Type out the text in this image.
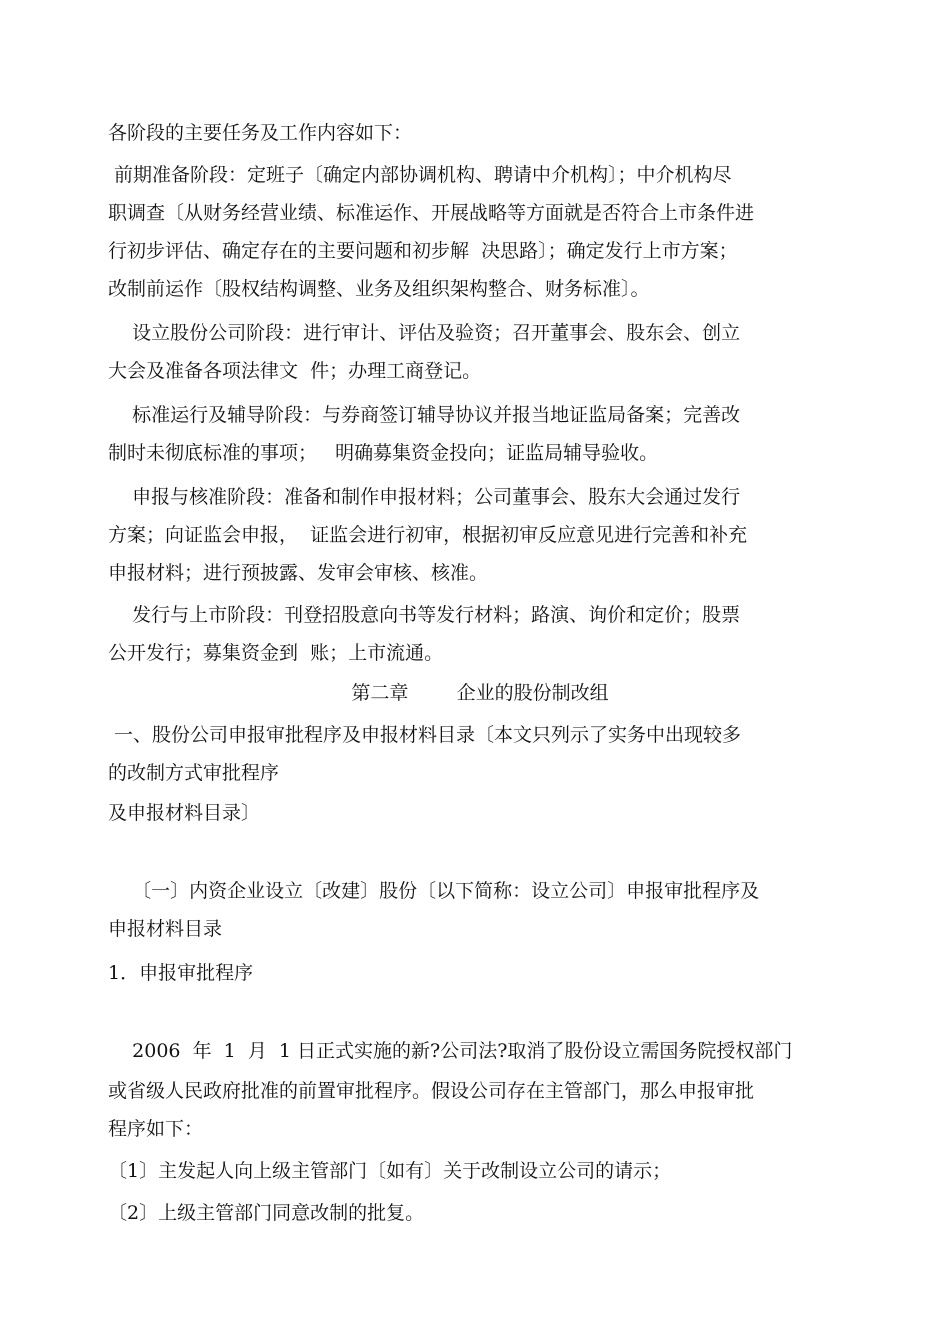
各阶段的主要任务及工作内容如下：
前期准备阶段：定班子〔确定内部协调机构、聘请中介机构〕；中介机构尽
职调查〔从财务经营业绩、标准运作、开展战略等方面就是否符合上市条件进
行初步评估、确定存在的主要问题和初步解  决思路〕；确定发行上市方案；
改制前运作〔股权结构调整、业务及组织架构整合、财务标准〕。
设立股份公司阶段：进行审计、评估及验资；召开董事会、股东会、创立
大会及准备各项法律文  件；办理工商登记。
标准运行及辅导阶段：与券商签订辅导协议并报当地证监局备案；完善改
制时未彻底标准的事项；   明确募集资金投向；证监局辅导验收。
申报与核准阶段：准备和制作申报材料；公司董事会、股东大会通过发行
方案；向证监会申报，  证监会进行初审，根据初审反应意见进行完善和补充
申报材料；进行预披露、发审会审核、核准。
发行与上市阶段：刊登招股意向书等发行材料；路演、询价和定价；股票
公开发行；募集资金到  账；上市流通。
第二章        企业的股份制改组
一、股份公司申报审批程序及申报材料目录〔本文只列示了实务中出现较多
的改制方式审批程序
及申报材料目录〕
〔一〕内资企业设立〔改建〕股份〔以下简称：设立公司〕申报审批程序及
申报材料目录
1．申报审批程序
2006  年  1  月  1 日正式实施的新?公司法?取消了股份设立需国务院授权部门
或省级人民政府批准的前置审批程序。假设公司存在主管部门，那么申报审批
程序如下：
〔1〕主发起人向上级主管部门〔如有〕关于改制设立公司的请示；
〔2〕上级主管部门同意改制的批复。
